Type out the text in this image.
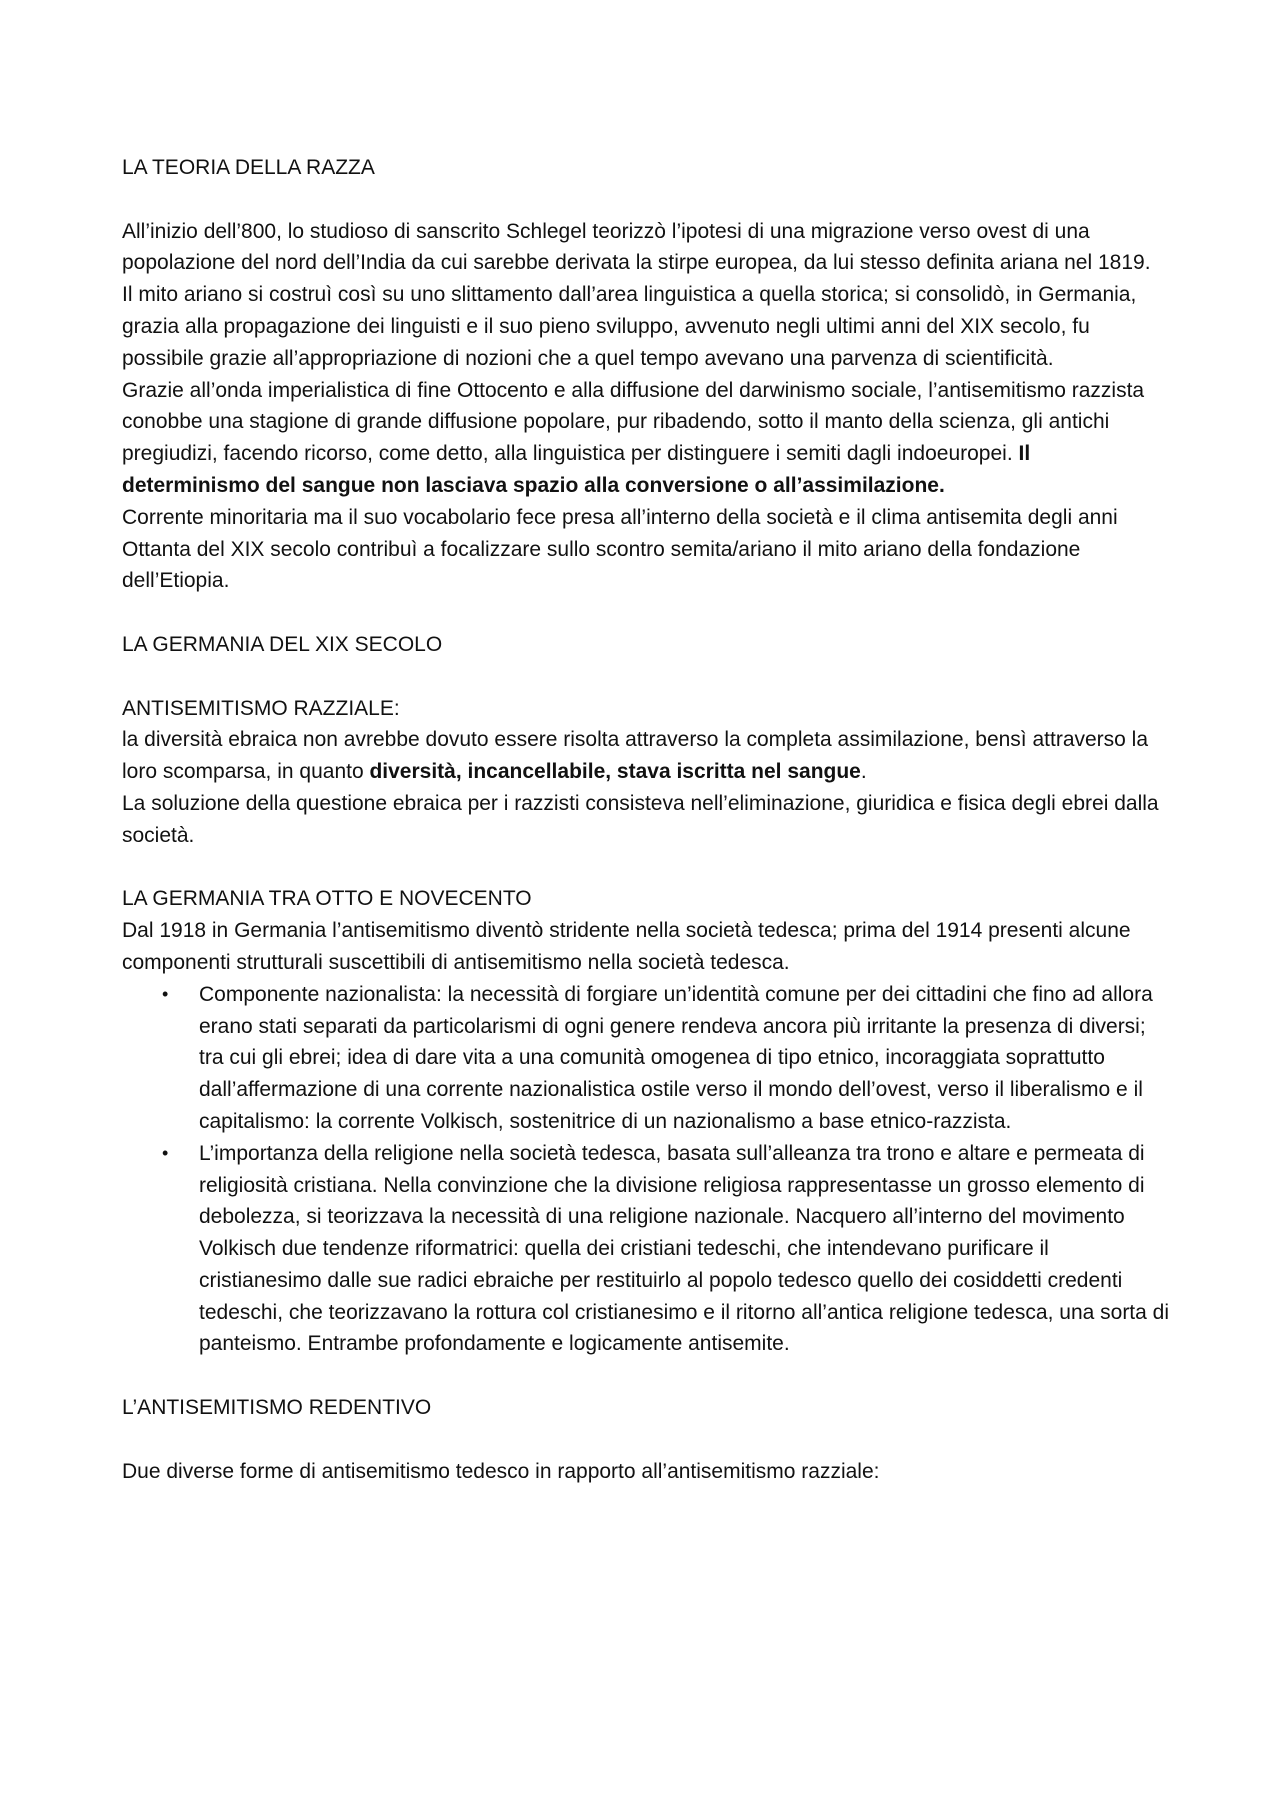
LA TEORIA DELLA RAZZA

All’inizio dell’800, lo studioso di sanscrito Schlegel teorizzò l’ipotesi di una migrazione verso ovest di una popolazione del nord dell’India da cui sarebbe derivata la stirpe europea, da lui stesso definita ariana nel 1819.

Il mito ariano si costruì così su uno slittamento dall’area linguistica a quella storica; si consolidò, in Germania, grazia alla propagazione dei linguisti e il suo pieno sviluppo, avvenuto negli ultimi anni del XIX secolo, fu possibile grazie all’appropriazione di nozioni che a quel tempo avevano una parvenza di scientificità.

Grazie all’onda imperialistica di fine Ottocento e alla diffusione del darwinismo sociale, l’antisemitismo razzista conobbe una stagione di grande diffusione popolare, pur ribadendo, sotto il manto della scienza, gli antichi pregiudizi, facendo ricorso, come detto, alla linguistica per distinguere i semiti dagli indoeuropei. Il determinismo del sangue non lasciava spazio alla conversione o all’assimilazione.

Corrente minoritaria ma il suo vocabolario fece presa all’interno della società e il clima antisemita degli anni Ottanta del XIX secolo contribuì a focalizzare sullo scontro semita/ariano il mito ariano della fondazione dell’Etiopia.

LA GERMANIA DEL XIX SECOLO

ANTISEMITISMO RAZZIALE:

la diversità ebraica non avrebbe dovuto essere risolta attraverso la completa assimilazione, bensì attraverso la loro scomparsa, in quanto diversità, incancellabile, stava iscritta nel sangue.

La soluzione della questione ebraica per i razzisti consisteva nell’eliminazione, giuridica e fisica degli ebrei dalla società.

LA GERMANIA TRA OTTO E NOVECENTO

Dal 1918 in Germania l’antisemitismo diventò stridente nella società tedesca; prima del 1914 presenti alcune componenti strutturali suscettibili di antisemitismo nella società tedesca.

• Componente nazionalista: la necessità di forgiare un’identità comune per dei cittadini che fino ad allora erano stati separati da particolarismi di ogni genere rendeva ancora più irritante la presenza di diversi; tra cui gli ebrei; idea di dare vita a una comunità omogenea di tipo etnico, incoraggiata soprattutto dall’affermazione di una corrente nazionalistica ostile verso il mondo dell’ovest, verso il liberalismo e il capitalismo: la corrente Volkisch, sostenitrice di un nazionalismo a base etnico-razzista.
• L’importanza della religione nella società tedesca, basata sull’alleanza tra trono e altare e permeata di religiosità cristiana. Nella convinzione che la divisione religiosa rappresentasse un grosso elemento di debolezza, si teorizzava la necessità di una religione nazionale. Nacquero all’interno del movimento Volkisch due tendenze riformatrici: quella dei cristiani tedeschi, che intendevano purificare il cristianesimo dalle sue radici ebraiche per restituirlo al popolo tedesco quello dei cosiddetti credenti tedeschi, che teorizzavano la rottura col cristianesimo e il ritorno all’antica religione tedesca, una sorta di panteismo. Entrambe profondamente e logicamente antisemite.

L’ANTISEMITISMO REDENTIVO

Due diverse forme di antisemitismo tedesco in rapporto all’antisemitismo razziale:
